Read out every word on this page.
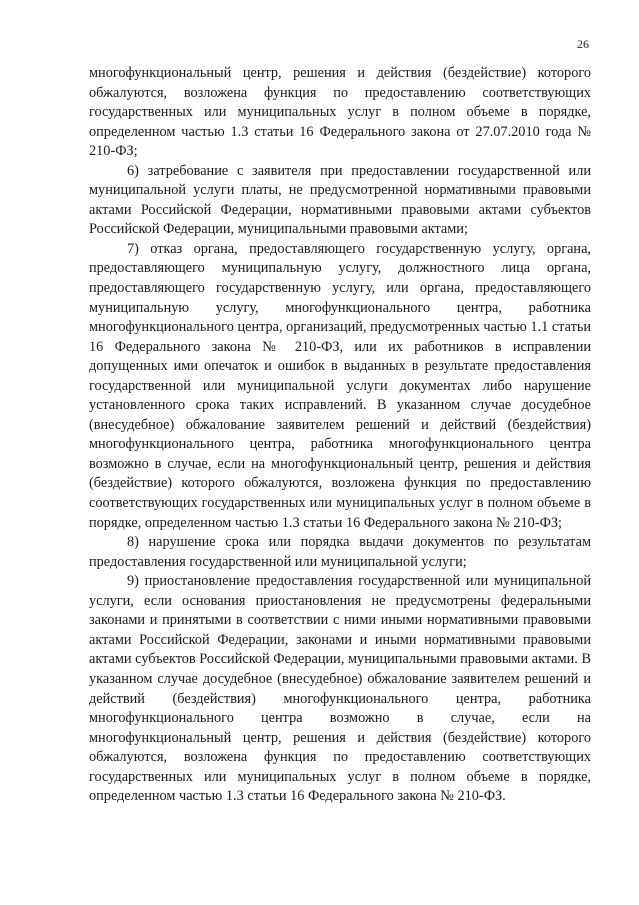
26

многофункциональный центр, решения и действия (бездействие) которого обжалуются, возложена функция по предоставлению соответствующих государственных или муниципальных услуг в полном объеме в порядке, определенном частью 1.3 статьи 16 Федерального закона от 27.07.2010 года № 210-ФЗ;

6) затребование с заявителя при предоставлении государственной или муниципальной услуги платы, не предусмотренной нормативными правовыми актами Российской Федерации, нормативными правовыми актами субъектов Российской Федерации, муниципальными правовыми актами;

7) отказ органа, предоставляющего государственную услугу, органа, предоставляющего муниципальную услугу, должностного лица органа, предоставляющего государственную услугу, или органа, предоставляющего муниципальную услугу, многофункционального центра, работника многофункционального центра, организаций, предусмотренных частью 1.1 статьи 16 Федерального закона № 210-ФЗ, или их работников в исправлении допущенных ими опечаток и ошибок в выданных в результате предоставления государственной или муниципальной услуги документах либо нарушение установленного срока таких исправлений. В указанном случае досудебное (внесудебное) обжалование заявителем решений и действий (бездействия) многофункционального центра, работника многофункционального центра возможно в случае, если на многофункциональный центр, решения и действия (бездействие) которого обжалуются, возложена функция по предоставлению соответствующих государственных или муниципальных услуг в полном объеме в порядке, определенном частью 1.3 статьи 16 Федерального закона № 210-ФЗ;

8) нарушение срока или порядка выдачи документов по результатам предоставления государственной или муниципальной услуги;

9) приостановление предоставления государственной или муниципальной услуги, если основания приостановления не предусмотрены федеральными законами и принятыми в соответствии с ними иными нормативными правовыми актами Российской Федерации, законами и иными нормативными правовыми актами субъектов Российской Федерации, муниципальными правовыми актами. В указанном случае досудебное (внесудебное) обжалование заявителем решений и действий (бездействия) многофункционального центра, работника многофункционального центра возможно в случае, если на многофункциональный центр, решения и действия (бездействие) которого обжалуются, возложена функция по предоставлению соответствующих государственных или муниципальных услуг в полном объеме в порядке, определенном частью 1.3 статьи 16 Федерального закона № 210-ФЗ.
